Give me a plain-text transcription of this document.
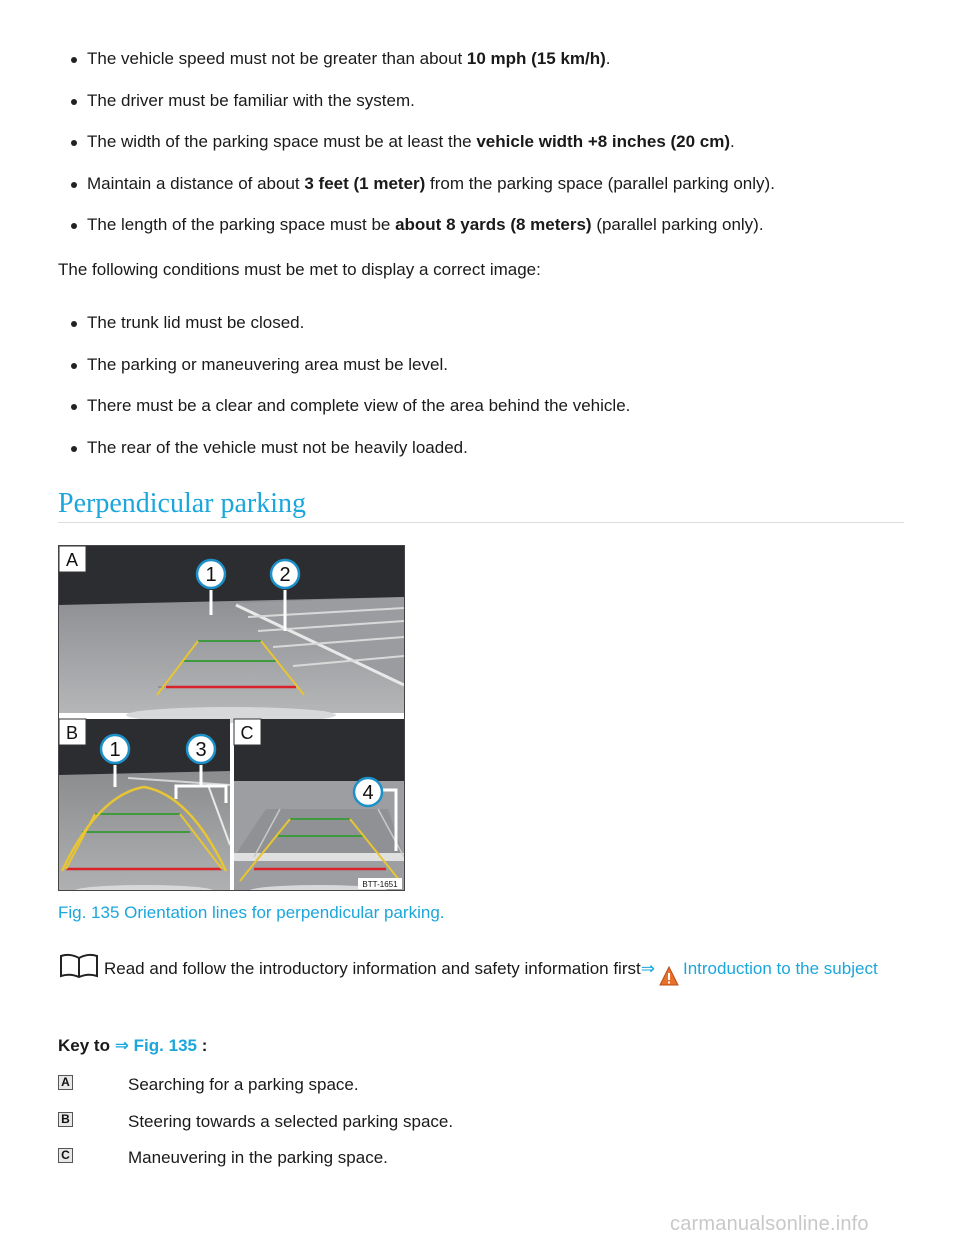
The vehicle speed must not be greater than about 10 mph (15 km/h).
The driver must be familiar with the system.
The width of the parking space must be at least the vehicle width +8 inches (20 cm).
Maintain a distance of about 3 feet (1 meter) from the parking space (parallel parking only).
The length of the parking space must be about 8 yards (8 meters) (parallel parking only).
The following conditions must be met to display a correct image:
The trunk lid must be closed.
The parking or maneuvering area must be level.
There must be a clear and complete view of the area behind the vehicle.
The rear of the vehicle must not be heavily loaded.
Perpendicular parking
1	2
A
1	3
B
4
C
BTT-1651
Fig. 135 Orientation lines for perpendicular parking.
Read and follow the introductory information and safety information first⇒ Introduction to the subject
Key to ⇒ Fig. 135 :
A	Searching for a parking space.
B	Steering towards a selected parking space.
C	Maneuvering in the parking space.
carmanualsonline.info
